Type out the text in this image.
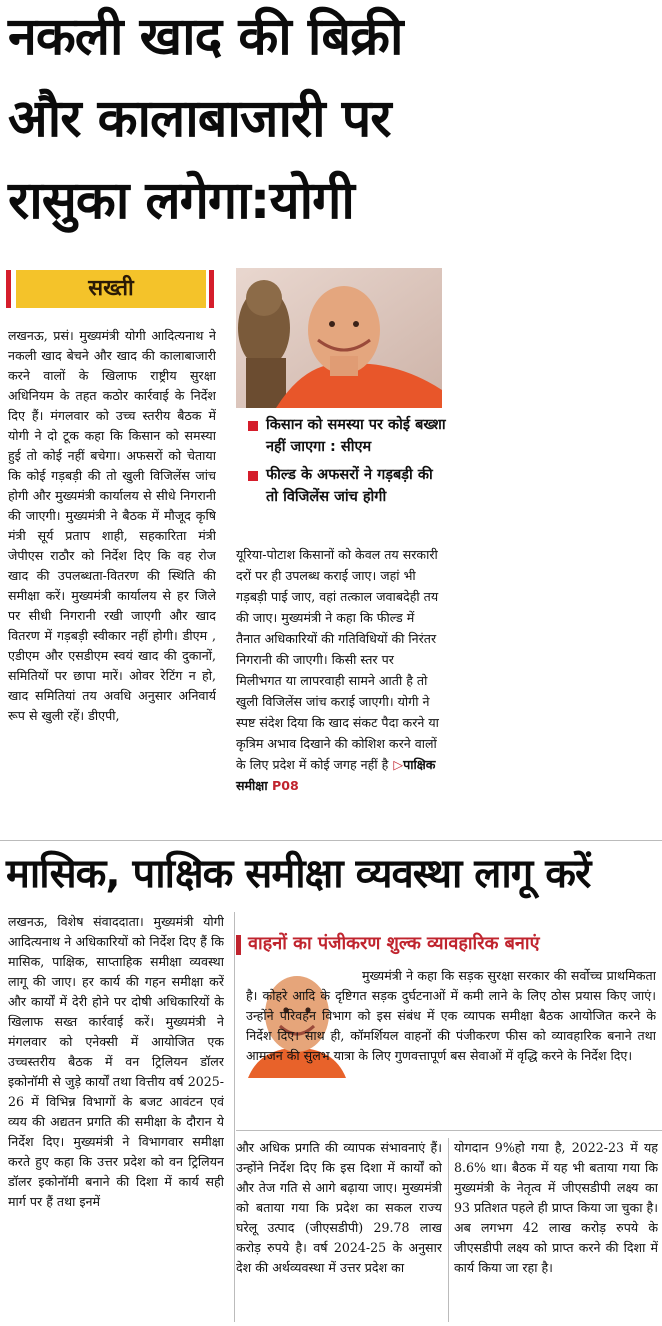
नकली खाद की बिक्री
और कालाबाजारी पर
रासुका लगेगा:योगी
सख्ती
लखनऊ, प्रसं। मुख्यमंत्री योगी आदित्यनाथ ने नकली खाद बेचने और खाद की कालाबाजारी करने वालों के खिलाफ राष्ट्रीय सुरक्षा अधिनियम के तहत कठोर कार्रवाई के निर्देश दिए हैं। मंगलवार को उच्च स्तरीय बैठक में योगी ने दो टूक कहा कि किसान को समस्या हुई तो कोई नहीं बचेगा। अफसरों को चेताया कि कोई गड़बड़ी की तो खुली विजिलेंस जांच होगी और मुख्यमंत्री कार्यालय से सीधे निगरानी की जाएगी। मुख्यमंत्री ने बैठक में मौजूद कृषि मंत्री सूर्य प्रताप शाही, सहकारिता मंत्री जेपीएस राठौर को निर्देश दिए कि वह रोज खाद की उपलब्धता-वितरण की स्थिति की समीक्षा करें। मुख्यमंत्री कार्यालय से हर जिले पर सीधी निगरानी रखी जाएगी और खाद वितरण में गड़बड़ी स्वीकार नहीं होगी। डीएम , एडीएम और एसडीएम स्वयं खाद की दुकानों, समितियों पर छापा मारें। ओवर रेटिंग न हो, खाद समितियां तय अवधि अनुसार अनिवार्य रूप से खुली रहें। डीएपी,
किसान को समस्या पर कोई बख्शा नहीं जाएगा : सीएम
फील्ड के अफसरों ने गड़बड़ी की तो विजिलेंस जांच होगी
यूरिया-पोटाश किसानों को केवल तय सरकारी दरों पर ही उपलब्ध कराई जाए। जहां भी गड़बड़ी पाई जाए, वहां तत्काल जवाबदेही तय की जाए। मुख्यमंत्री ने कहा कि फील्ड में तैनात अधिकारियों की गतिविधियों की निरंतर निगरानी की जाएगी। किसी स्तर पर मिलीभगत या लापरवाही सामने आती है तो खुली विजिलेंस जांच कराई जाएगी। योगी ने स्पष्ट संदेश दिया कि खाद संकट पैदा करने या कृत्रिम अभाव दिखाने की कोशिश करने वालों के लिए प्रदेश में कोई जगह नहीं है ▷पाक्षिक समीक्षा P08
मासिक, पाक्षिक समीक्षा व्यवस्था लागू करें
लखनऊ, विशेष संवाददाता। मुख्यमंत्री योगी आदित्यनाथ ने अधिकारियों को निर्देश दिए हैं कि मासिक, पाक्षिक, साप्ताहिक समीक्षा व्यवस्था लागू की जाए। हर कार्य की गहन समीक्षा करें और कार्यों में देरी होने पर दोषी अधिकारियों के खिलाफ सख्त कार्रवाई करें। मुख्यमंत्री ने मंगलवार को एनेक्सी में आयोजित एक उच्चस्तरीय बैठक में वन ट्रिलियन डॉलर इकोनॉमी से जुड़े कार्यों तथा वित्तीय वर्ष 2025-26 में विभिन्न विभागों के बजट आवंटन एवं व्यय की अद्यतन प्रगति की समीक्षा के दौरान ये निर्देश दिए। मुख्यमंत्री ने विभागवार समीक्षा करते हुए कहा कि उत्तर प्रदेश को वन ट्रिलियन डॉलर इकोनॉमी बनाने की दिशा में कार्य सही मार्ग पर हैं तथा इनमें
वाहनों का पंजीकरण शुल्क व्यावहारिक बनाएं
मुख्यमंत्री ने कहा कि सड़क सुरक्षा सरकार की सर्वोच्च प्राथमिकता है। कोहरे आदि के दृष्टिगत सड़क दुर्घटनाओं में कमी लाने के लिए ठोस प्रयास किए जाएं। उन्होंने परिवहन विभाग को इस संबंध में एक व्यापक समीक्षा बैठक आयोजित करने के निर्देश दिए। साथ ही, कॉमर्शियल वाहनों की पंजीकरण फीस को व्यावहारिक बनाने तथा आमजन की सुलभ यात्रा के लिए गुणवत्तापूर्ण बस सेवाओं में वृद्धि करने के निर्देश दिए।
और अधिक प्रगति की व्यापक संभावनाएं हैं। उन्होंने निर्देश दिए कि इस दिशा में कार्यों को और तेज गति से आगे बढ़ाया जाए। मुख्यमंत्री को बताया गया कि प्रदेश का सकल राज्य घरेलू उत्पाद (जीएसडीपी) 29.78 लाख करोड़ रुपये है। वर्ष 2024-25 के अनुसार देश की अर्थव्यवस्था में उत्तर प्रदेश का
योगदान 9%हो गया है, 2022-23 में यह 8.6% था। बैठक में यह भी बताया गया कि मुख्यमंत्री के नेतृत्व में जीएसडीपी लक्ष्य का 93 प्रतिशत पहले ही प्राप्त किया जा चुका है। अब लगभग 42 लाख करोड़ रुपये के जीएसडीपी लक्ष्य को प्राप्त करने की दिशा में कार्य किया जा रहा है।
